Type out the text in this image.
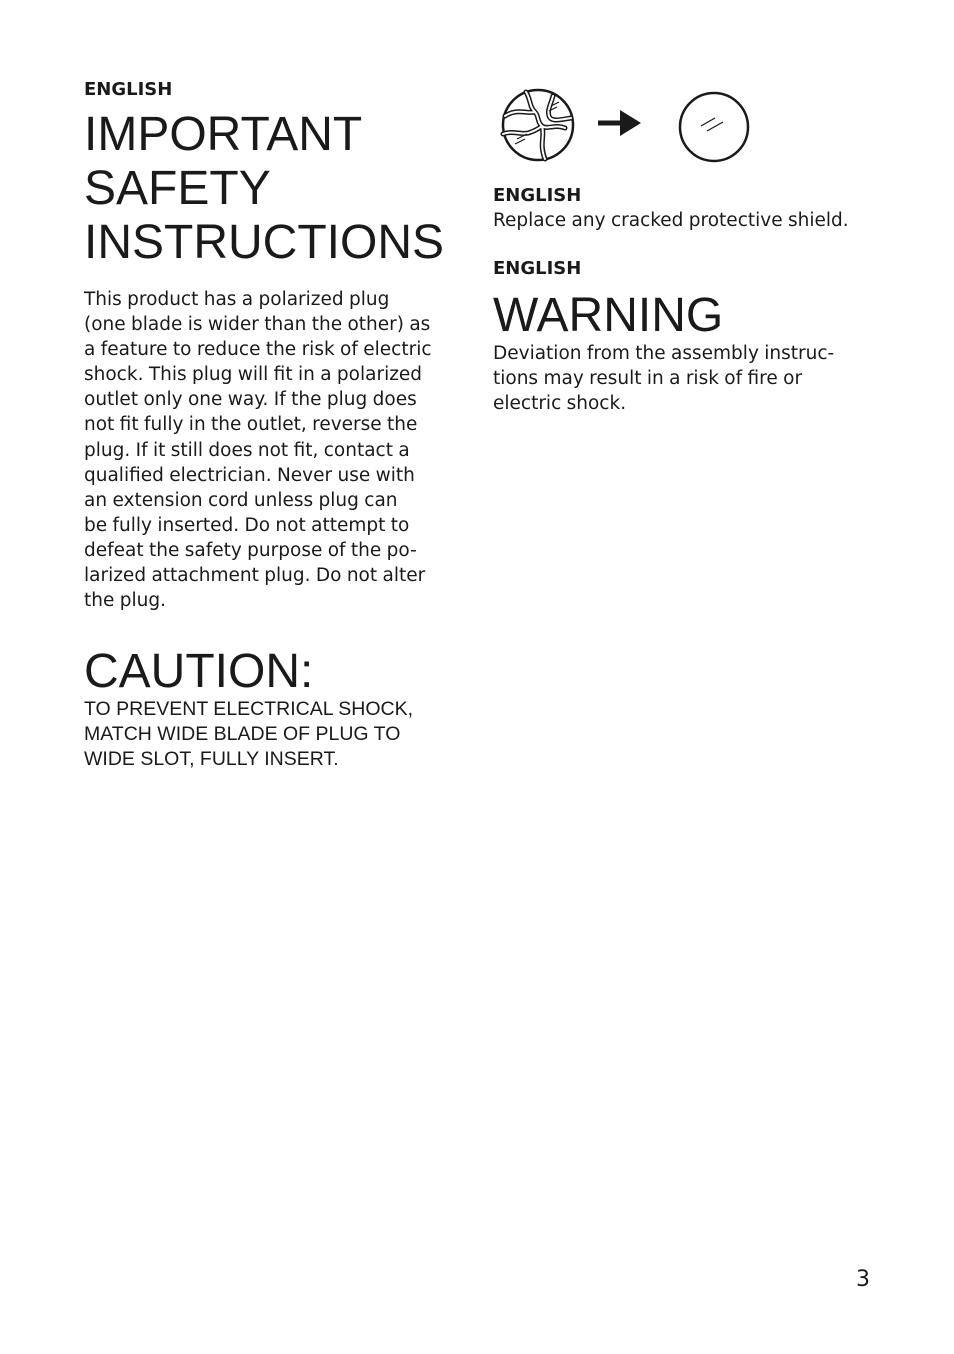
ENGLISH

IMPORTANT
SAFETY
INSTRUCTIONS
This product has a polarized plug
(one blade is wider than the other) as
a feature to reduce the risk of electric
shock. This plug will fit in a polarized
outlet only one way. If the plug does
not fit fully in the outlet, reverse the
plug. If it still does not fit, contact a
qualified electrician. Never use with
an extension cord unless plug can
be fully inserted. Do not attempt to
defeat the safety purpose of the po-
larized attachment plug. Do not alter
the plug.
CAUTION:
TO PREVENT ELECTRICAL SHOCK,
MATCH WIDE BLADE OF PLUG TO
WIDE SLOT, FULLY INSERT.

ENGLISH

Replace any cracked protective shield.

ENGLISH

WARNING
Deviation from the assembly instruc-
tions may result in a risk of fire or
electric shock.
3
